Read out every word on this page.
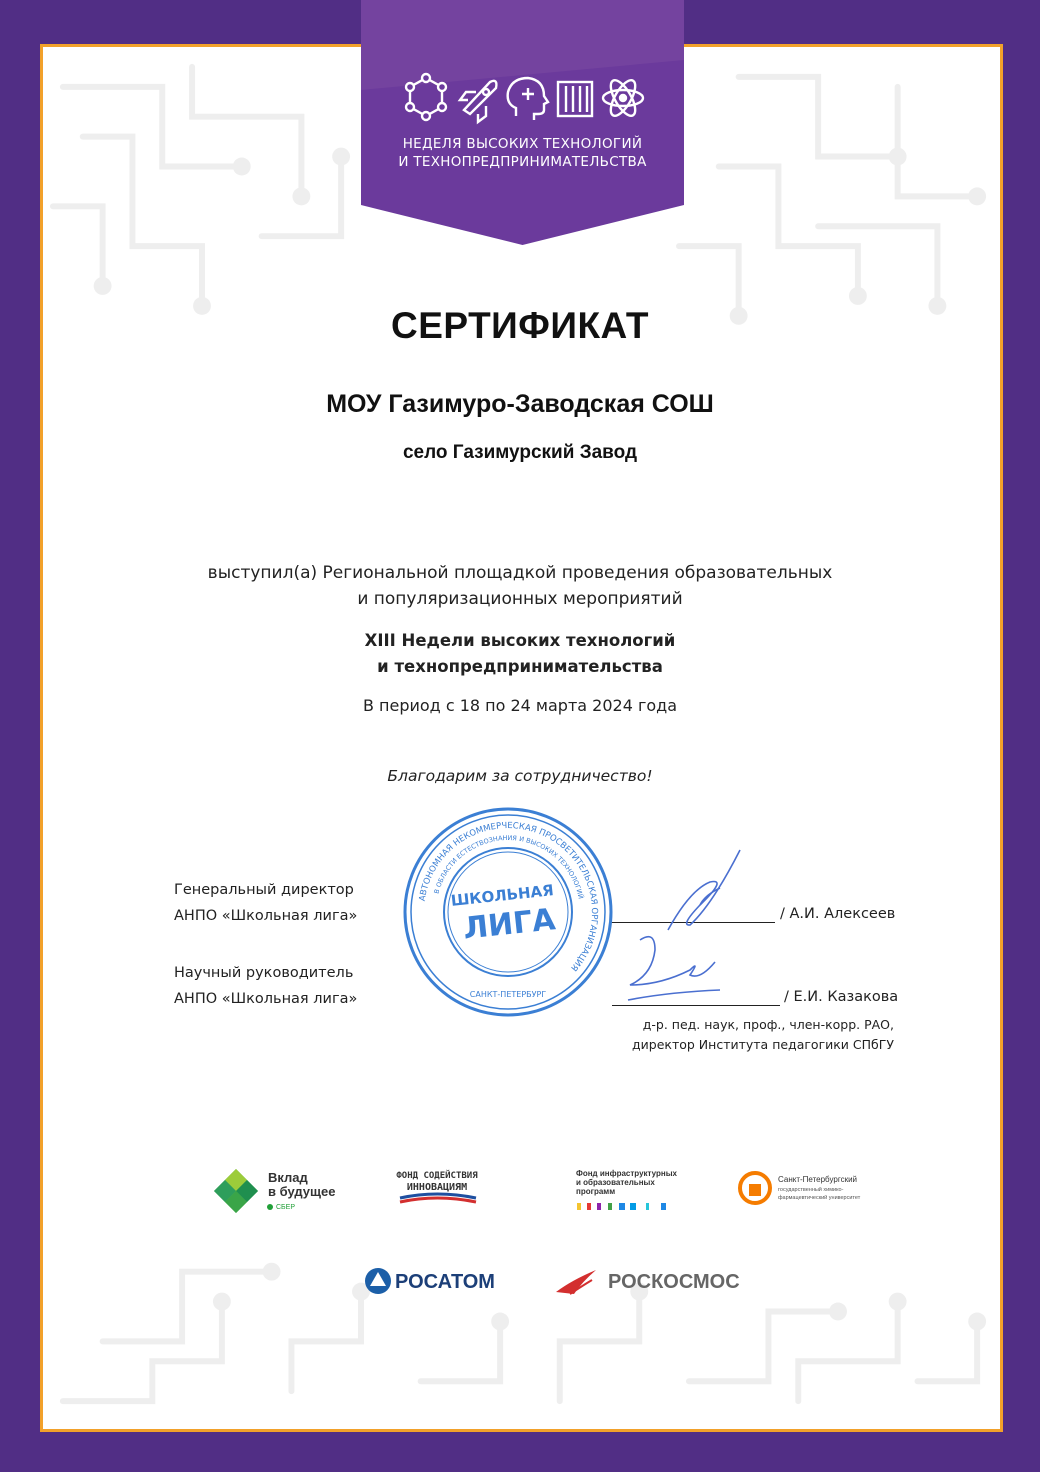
НЕДЕЛЯ ВЫСОКИХ ТЕХНОЛОГИЙ
И ТЕХНОПРЕДПРИНИМАТЕЛЬСТВА
СЕРТИФИКАТ
МОУ Газимуро-Заводская СОШ
село Газимурский Завод
выступил(а) Региональной площадкой проведения образовательных
и популяризационных мероприятий
XIII Недели высоких технологий
и технопредпринимательства
В период с 18 по 24 марта 2024 года
Благодарим за сотрудничество!
Генеральный директор
АНПО «Школьная лига»
Научный руководитель
АНПО «Школьная лига»
/ А.И. Алексеев
/ Е.И. Казакова
д-р. пед. наук, проф., член-корр. РАО,
директор Института педагогики СПбГУ
АВТОНОМНАЯ НЕКОММЕРЧЕСКАЯ ПРОСВЕТИТЕЛЬСКАЯ ОРГАНИЗАЦИЯ
В ОБЛАСТИ ЕСТЕСТВОЗНАНИЯ И ВЫСОКИХ ТЕХНОЛОГИЙ
ШКОЛЬНАЯ
ЛИГА
САНКТ-ПЕТЕРБУРГ
Вклад
в будущее
СБЕР
ФОНД СОДЕЙСТВИЯ
ИННОВАЦИЯМ
Фонд инфраструктурных
и образовательных
программ
Санкт-Петербургский
государственный химико-
фармацевтический университет
РОСАТОМ	РОСКОСМОС
